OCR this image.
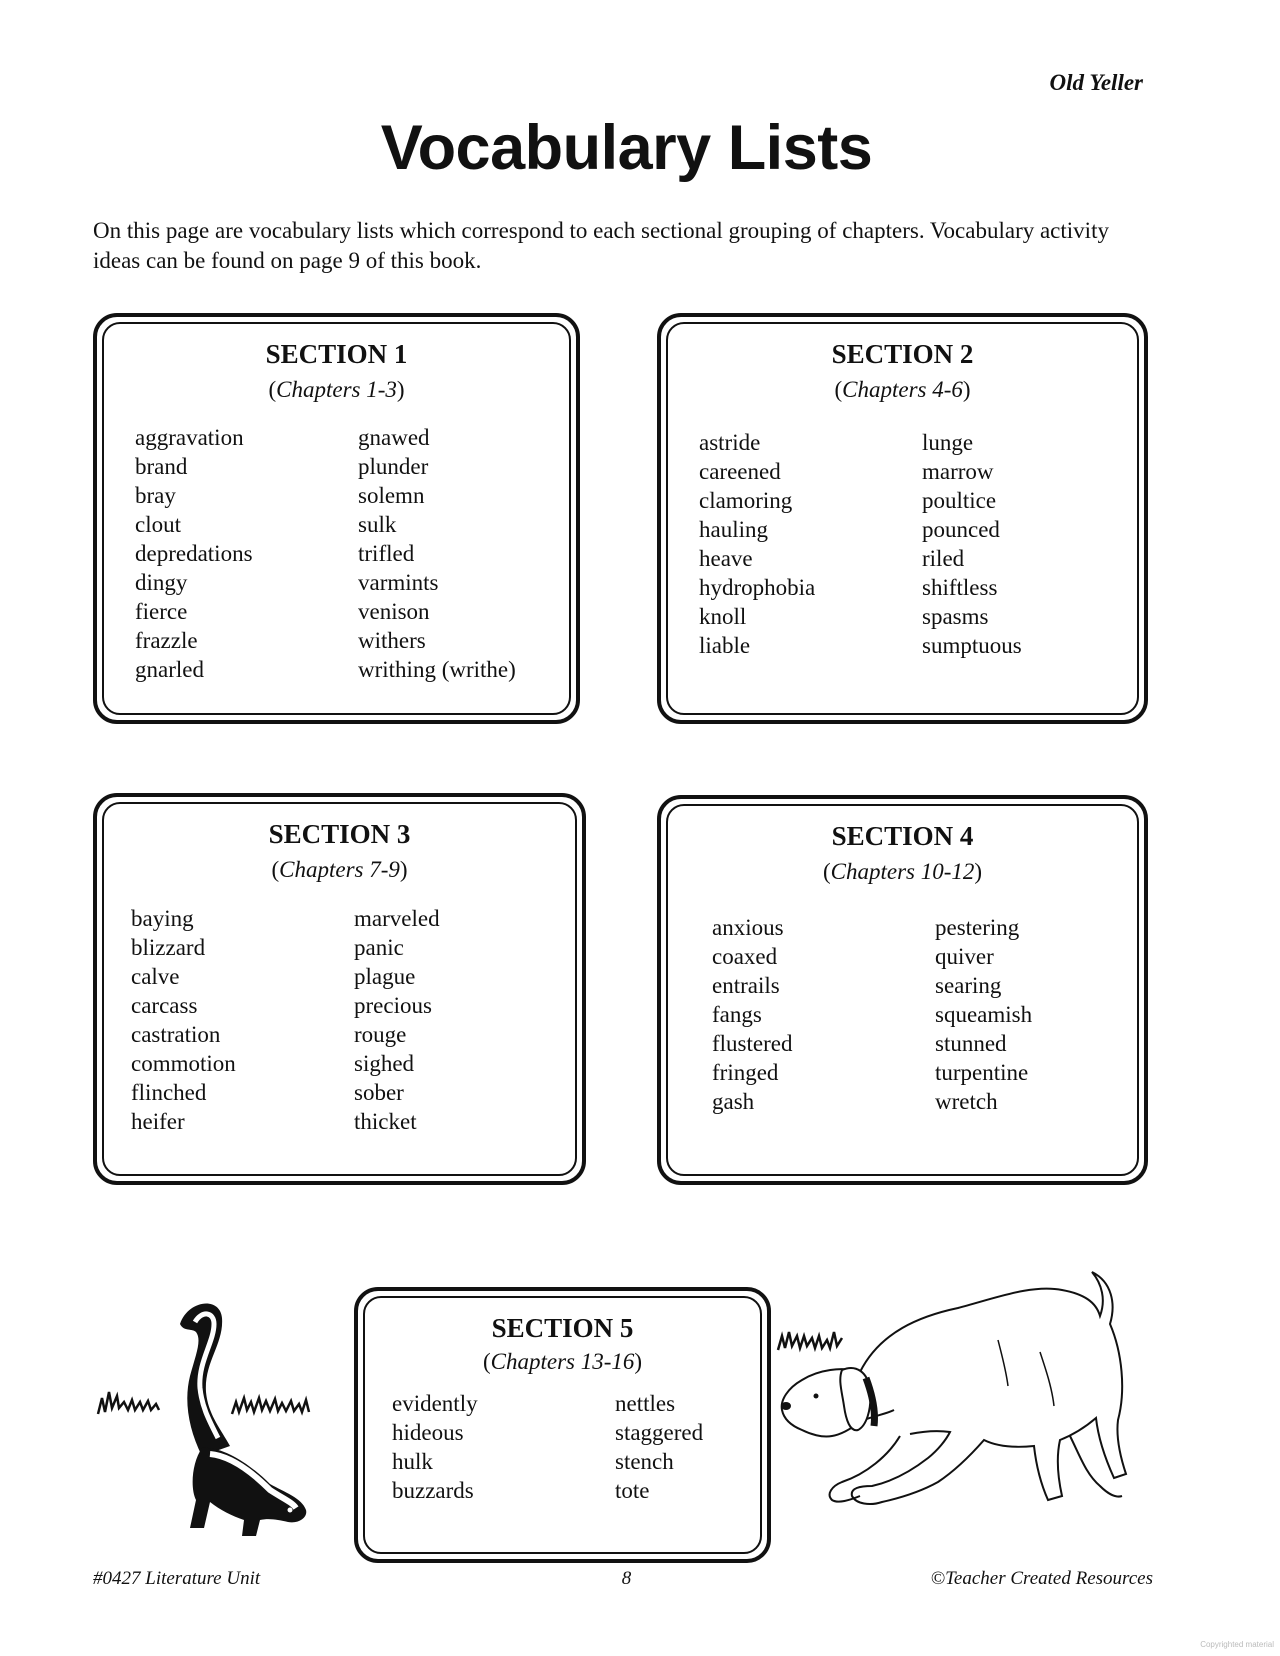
Old Yeller
Vocabulary Lists

On this page are vocabulary lists which correspond to each sectional grouping of chapters. Vocabulary activity ideas can be found on page 9 of this book.

SECTION 1
(Chapters 1-3)
aggravation
brand
bray
clout
depredations
dingy
fierce
frazzle
gnarled
gnawed
plunder
solemn
sulk
trifled
varmints
venison
withers
writhing (writhe)
SECTION 2
(Chapters 4-6)
astride
careened
clamoring
hauling
heave
hydrophobia
knoll
liable
lunge
marrow
poultice
pounced
riled
shiftless
spasms
sumptuous
SECTION 3
(Chapters 7-9)
baying
blizzard
calve
carcass
castration
commotion
flinched
heifer
marveled
panic
plague
precious
rouge
sighed
sober
thicket
SECTION 4
(Chapters 10-12)
anxious
coaxed
entrails
fangs
flustered
fringed
gash
pestering
quiver
searing
squeamish
stunned
turpentine
wretch
SECTION 5
(Chapters 13-16)
evidently
hideous
hulk
buzzards
nettles
staggered
stench
tote
#0427 Literature Unit	8	©Teacher Created Resources
Copyrighted material
